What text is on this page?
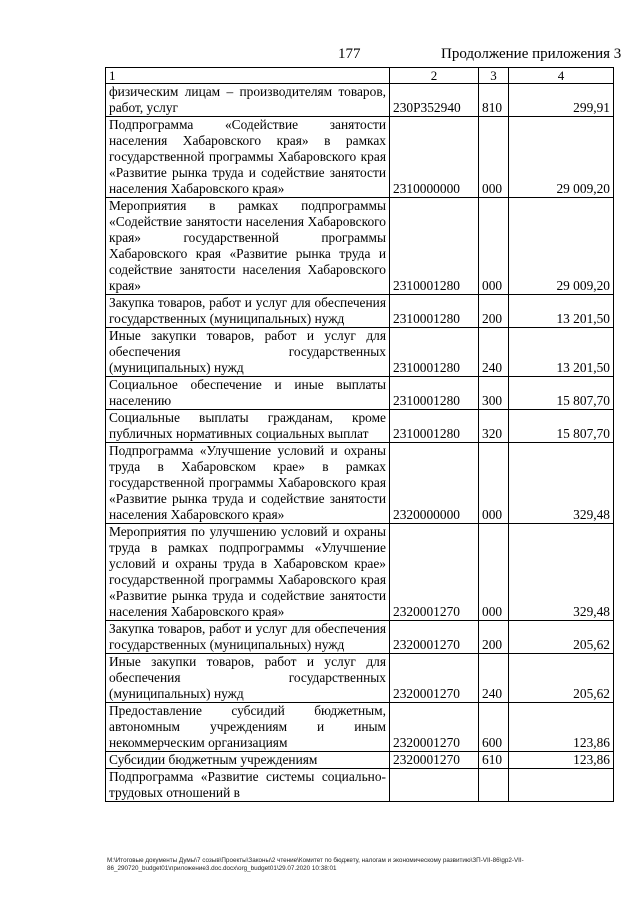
177	Продолжение приложения 3
1	2	3	4
физическим лицам – производителям товаров, работ, услуг	230Р352940	810	299,91
Подпрограмма «Содействие занятости населения Хабаровского края» в рамках государственной программы Хабаровского края «Развитие рынка труда и содействие занятости населения Хабаровского края»	2310000000	000	29 009,20
Мероприятия в рамках подпрограммы «Содействие занятости населения Хабаровского края» государственной программы Хабаровского края «Развитие рынка труда и содействие занятости населения Хабаровского края»	2310001280	000	29 009,20
Закупка товаров, работ и услуг для обеспечения государственных (муниципальных) нужд	2310001280	200	13 201,50
Иные закупки товаров, работ и услуг для обеспечения государственных (муниципальных) нужд	2310001280	240	13 201,50
Социальное обеспечение и иные выплаты населению	2310001280	300	15 807,70
Социальные выплаты гражданам, кроме публичных нормативных социальных выплат	2310001280	320	15 807,70
Подпрограмма «Улучшение условий и охраны труда в Хабаровском крае» в рамках государственной программы Хабаровского края «Развитие рынка труда и содействие занятости населения Хабаровского края»	2320000000	000	329,48
Мероприятия по улучшению условий и охраны труда в рамках подпрограммы «Улучшение условий и охраны труда в Хабаровском крае» государственной программы Хабаровского края «Развитие рынка труда и содействие занятости населения Хабаровского края»	2320001270	000	329,48
Закупка товаров, работ и услуг для обеспечения государственных (муниципальных) нужд	2320001270	200	205,62
Иные закупки товаров, работ и услуг для обеспечения государственных (муниципальных) нужд	2320001270	240	205,62
Предоставление субсидий бюджетным, автономным учреждениям и иным некоммерческим организациям	2320001270	600	123,86
Субсидии бюджетным учреждениям	2320001270	610	123,86
Подпрограмма «Развитие системы социально-трудовых отношений в			
M:\Итоговые документы Думы\7 созыв\Проекты\Законы\2 чтение\Комитет по бюджету, налогам и экономическому развитию\ЗП-VII-86\gp2-VII-86_290720_budget01\приложение3.doc.docx\org_budget01\29.07.2020 10:38:01
